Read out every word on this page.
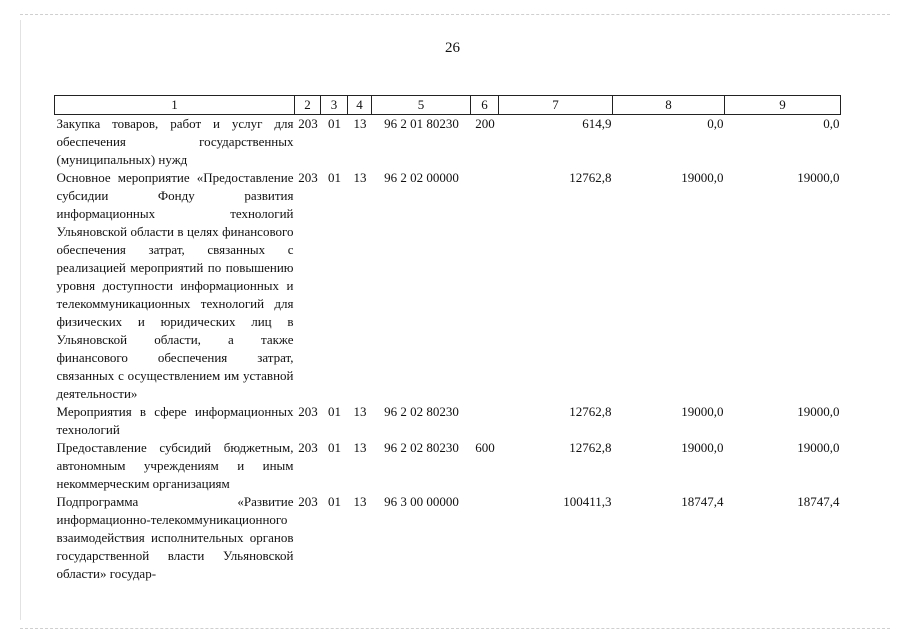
26
1	2	3	4	5	6	7	8	9
Закупка товаров, работ и услуг для обеспечения государственных (муниципальных) нужд	203	01	13	96 2 01 80230	200	614,9	0,0	0,0
Основное мероприятие «Предоставление субсидии Фонду развития информационных технологий Ульяновской области в целях финансового обеспечения затрат, связанных с реализацией мероприятий по повышению уровня доступности информационных и телекоммуникационных технологий для физических и юридических лиц в Ульяновской области, а также финансового обеспечения затрат, связанных с осуществлением им уставной деятельности»	203	01	13	96 2 02 00000		12762,8	19000,0	19000,0
Мероприятия в сфере информационных технологий	203	01	13	96 2 02 80230		12762,8	19000,0	19000,0
Предоставление субсидий бюджетным, автономным учреждениям и иным некоммерческим организациям	203	01	13	96 2 02 80230	600	12762,8	19000,0	19000,0
Подпрограмма «Развитие информационно-телекоммуникационного взаимодействия исполнительных органов государственной власти Ульяновской области» государ-	203	01	13	96 3 00 00000		100411,3	18747,4	18747,4
